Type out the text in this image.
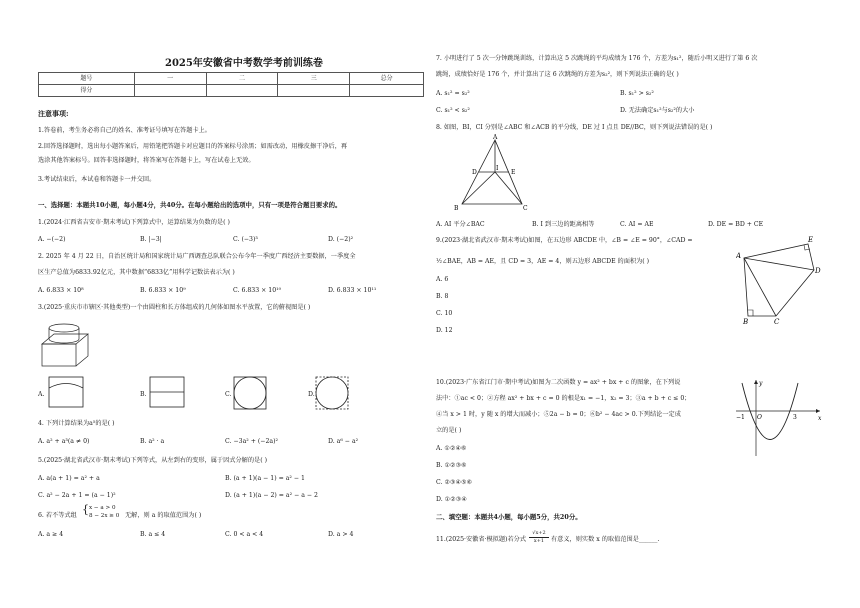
2025年安徽省中考数学考前训练卷
题号	一	二	三	总分
得分				
注意事项:
1.答卷前，考生务必将自己的姓名、准考证号填写在答题卡上。
2.回答选择题时，选出每小题答案后，用铅笔把答题卡对应题目的答案标号涂黑；如需改动，用橡皮擦干净后，再
选涂其他答案标号。回答非选择题时，将答案写在答题卡上，写在试卷上无效。
3.考试结束后，本试卷和答题卡一并交回。
一、选择题：本题共10小题，每小题4分，共40分。在每小题给出的选项中，只有一项是符合题目要求的。
1.(2024·江西省吉安市·期末考试)下列算式中，运算结果为负数的是( )
A. −(−2)	B. |−3|	C. (−3)³	D. (−2)²
2. 2025 年 4 月 22 日，自治区统计局和国家统计局广西调查总队联合公布今年一季度广西经济主要数据，一季度全
区生产总值为6833.92亿元，其中数据“6833亿”用科学记数法表示为( )
A. 6.833 × 10⁸	B. 6.833 × 10⁹	C. 6.833 × 10¹⁰	D. 6.833 × 10¹¹
3.(2025·重庆市市辖区·其他类型)一个由圆柱和长方体组成的几何体如图水平放置，它的俯视图是( )
A.	B.	C.	D.
4. 下列计算结果为a⁵的是( )
A. a² + a³(a ≠ 0)	B. a² · a	C. −3a² + (−2a)²	D. a⁶ − a²
5.(2025·湖北省武汉市·期末考试)下列等式，从左到右的变形，属于因式分解的是( )
A. a(a + 1) = a² + a	B. (a + 1)(a − 1) = a² − 1
C. a² − 2a + 1 = (a − 1)²	D. (a + 1)(a − 2) = a² − a − 2
6. 若不等式组 { x − a > 0
8 − 2x ≥ 0 无解，则 a 的取值范围为( )
A. a ≥ 4	B. a ≤ 4	C. 0 < a < 4	D. a > 4
7. 小明进行了 5 次一分钟跳绳训练，计算出这 5 次跳绳的平均成绩为 176 个，方差为s₁²，随后小明又进行了第 6 次
跳绳，成绩恰好是 176 个，并计算出了这 6 次跳绳的方差为s₂²，则下列说法正确的是( )
A. s₁² = s₂²	B. s₁² > s₂²
C. s₁² < s₂²	D. 无法确定s₁²与s₂²的大小
8. 如图，BI，CI 分别是∠ABC 和∠ACB 的平分线，DE 过 I 点且 DE//BC，则下列说法错误的是( )
A
B	C
D	E
I
A. AI 平分∠BAC	B. I 到三边的距离相等	C. AI = AE	D. DE = BD + CE
9.(2023·湖北省武汉市·期末考试)如图，在五边形 ABCDE 中，∠B = ∠E = 90°，∠CAD =
½∠BAE，AB = AE，且 CD = 3，AE = 4，则五边形 ABCDE 的面积为( )
A. 6
B. 8
C. 10
D. 12
A
B	C
D
E
10.(2023·广东省江门市·期中考试)如图为二次函数 y = ax² + bx + c 的图象，在下列说
法中：①ac < 0；②方程 ax² + bx + c = 0 的根是x₁ = −1，x₂ = 3；③a + b + c ≤ 0；
④当 x > 1 时，y 随 x 的增大而减小；⑤2a − b = 0；⑥b² − 4ac > 0.下列结论一定成
立的是( )
y
x
O
−1	3
A. ①②④⑥
B. ①②③⑥
C. ②③④⑤⑥
D. ①②③④
二、填空题：本题共4小题，每小题5分，共20分。
11.(2025·安徽省·模拟题)若分式
√x+2
x+1	有意义，则实数 x 的取值范围是______.
